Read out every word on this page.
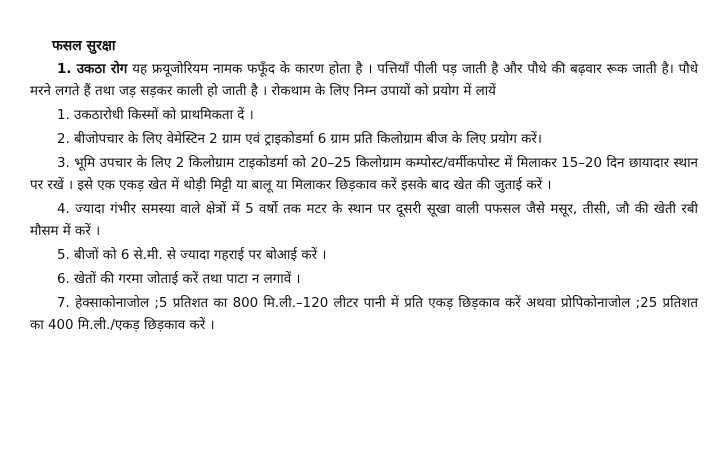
फसल सुरक्षा

1. उकठा रोग यह फ्रयूजोरियम नामक फफूँद के कारण होता है । पत्तियाँ पीली पड़ जाती है और पौधे की बढ़वार रूक जाती है। पौधे मरने लगते हैं तथा जड़ सड़कर काली हो जाती है । रोकथाम के लिए निम्न उपायों को प्रयोग में लायें

1. उकठारोधी किस्मों को प्राथमिकता दें ।

2. बीजोपचार के लिए वेमेस्टिन 2 ग्राम एवं ट्राइकोडर्मा 6 ग्राम प्रति किलोग्राम बीज के लिए प्रयोग करें।

3. भूमि उपचार के लिए 2 किलोग्राम टाइकोडर्मा को 20–25 किलोग्राम कम्पोस्ट/वर्मीकपोस्ट में मिलाकर 15–20 दिन छायादार स्थान पर रखें । इसे एक एकड़ खेत में थोड़ी मिट्टी या बालू या मिलाकर छिड़काव करें इसके बाद खेत की जुताई करें ।

4. ज्यादा गंभीर समस्या वाले क्षेत्रों में 5 वर्षो तक मटर के स्थान पर दूसरी सूखा वाली पफसल जैसे मसूर, तीसी, जौ की खेती रबी मौसम में करें ।

5. बीजों को 6 से.मी. से ज्यादा गहराई पर बोआई करें ।

6. खेतों की गरमा जोताई करें तथा पाटा न लगावें ।

7. हेक्साकोनाजोल ;5 प्रतिशत का 800 मि.ली.–120 लीटर पानी में प्रति एकड़ छिड़काव करें अथवा प्रोपिकोनाजोल ;25 प्रतिशत का 400 मि.ली./एकड़ छिड़काव करें ।
